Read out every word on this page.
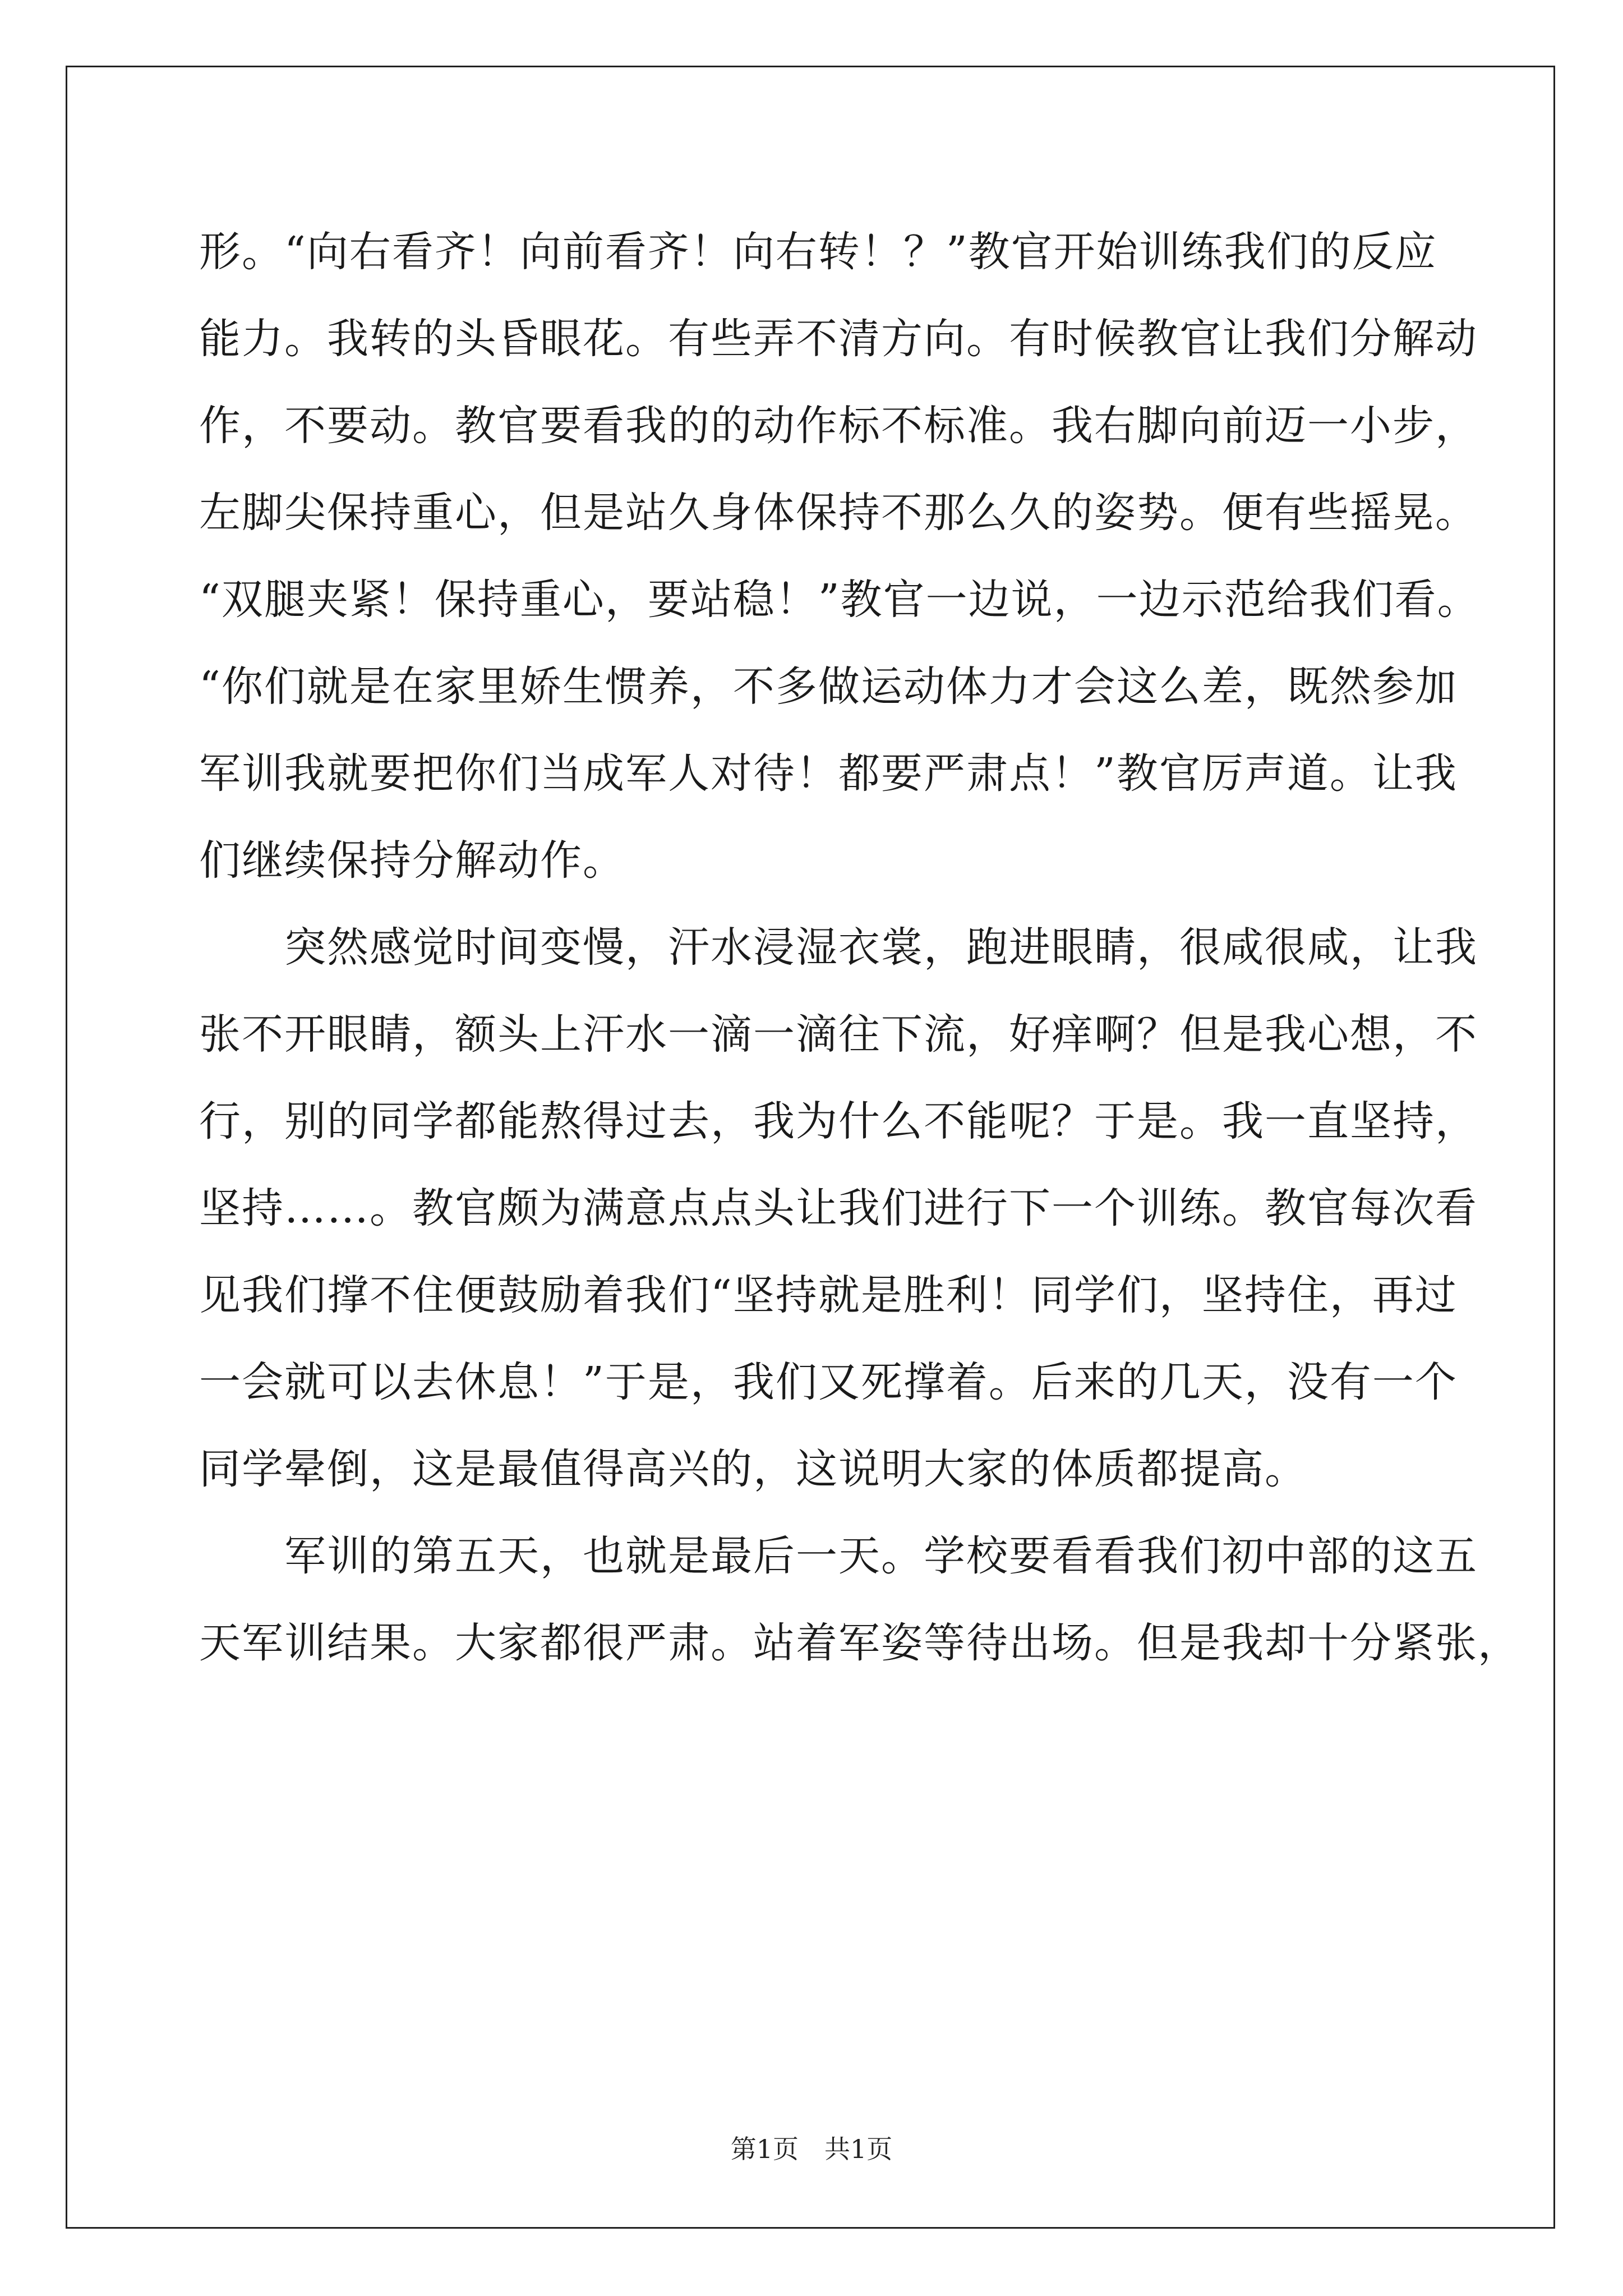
形。“向右看齐！向前看齐！向右转！？”教官开始训练我们的反应
能力。我转的头昏眼花。有些弄不清方向。有时候教官让我们分解动
作，不要动。教官要看我的的动作标不标准。我右脚向前迈一小步，
左脚尖保持重心，但是站久身体保持不那么久的姿势。便有些摇晃。
“双腿夹紧！保持重心，要站稳！”教官一边说，一边示范给我们看。
“你们就是在家里娇生惯养，不多做运动体力才会这么差，既然参加
军训我就要把你们当成军人对待！都要严肃点！”教官厉声道。让我
们继续保持分解动作。
　　突然感觉时间变慢，汗水浸湿衣裳，跑进眼睛，很咸很咸，让我
张不开眼睛，额头上汗水一滴一滴往下流，好痒啊？但是我心想，不
行，别的同学都能熬得过去，我为什么不能呢？于是。我一直坚持，
坚持……。教官颇为满意点点头让我们进行下一个训练。教官每次看
见我们撑不住便鼓励着我们“坚持就是胜利！同学们，坚持住，再过
一会就可以去休息！”于是，我们又死撑着。后来的几天，没有一个
同学晕倒，这是最值得高兴的，这说明大家的体质都提高。
　　军训的第五天，也就是最后一天。学校要看看我们初中部的这五
天军训结果。大家都很严肃。站着军姿等待出场。但是我却十分紧张，
第1页　共1页
